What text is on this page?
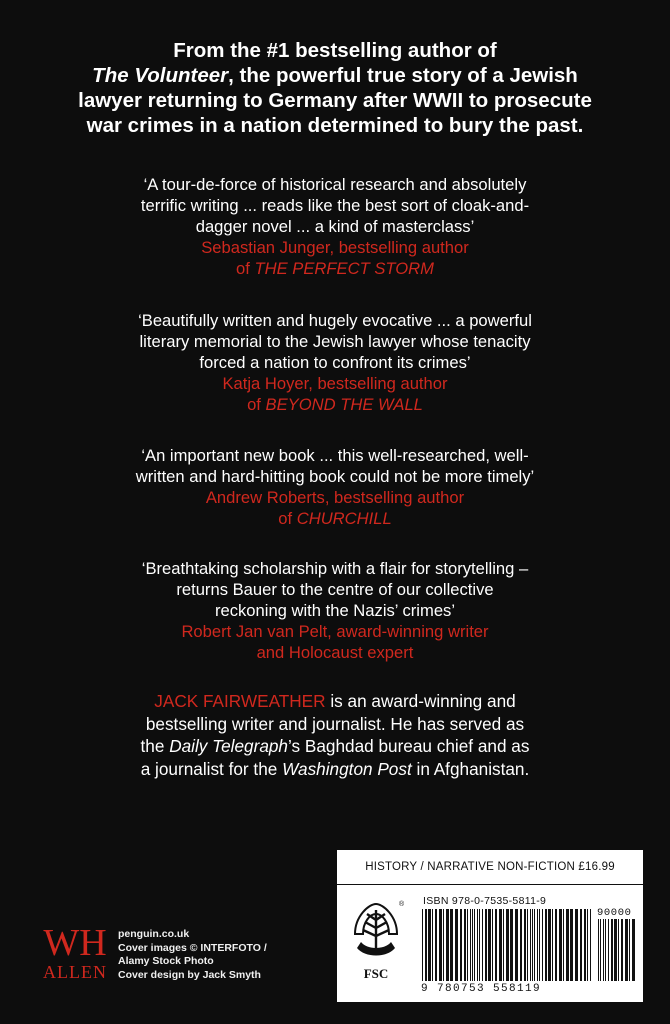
From the #1 bestselling author of
The Volunteer, the powerful true story of a Jewish
lawyer returning to Germany after WWII to prosecute
war crimes in a nation determined to bury the past.
‘A tour-de-force of historical research and absolutely
terrific writing ... reads like the best sort of cloak-and-
dagger novel ... a kind of masterclass’
Sebastian Junger, bestselling author
of THE PERFECT STORM
‘Beautifully written and hugely evocative ... a powerful
literary memorial to the Jewish lawyer whose tenacity
forced a nation to confront its crimes’
Katja Hoyer, bestselling author
of BEYOND THE WALL
‘An important new book ... this well-researched, well-
written and hard-hitting book could not be more timely’
Andrew Roberts, bestselling author
of CHURCHILL
‘Breathtaking scholarship with a flair for storytelling –
returns Bauer to the centre of our collective
reckoning with the Nazis’ crimes’
Robert Jan van Pelt, award-winning writer
and Holocaust expert
JACK FAIRWEATHER is an award-winning and
bestselling writer and journalist. He has served as
the Daily Telegraph’s Baghdad bureau chief and as
a journalist for the Washington Post in Afghanistan.
WH
ALLEN
penguin.co.uk
Cover images © INTERFOTO /
Alamy Stock Photo
Cover design by Jack Smyth
HISTORY / NARRATIVE NON-FICTION £16.99
®
FSC
ISBN 978-0-7535-5811-9
90000
9 780753 558119
